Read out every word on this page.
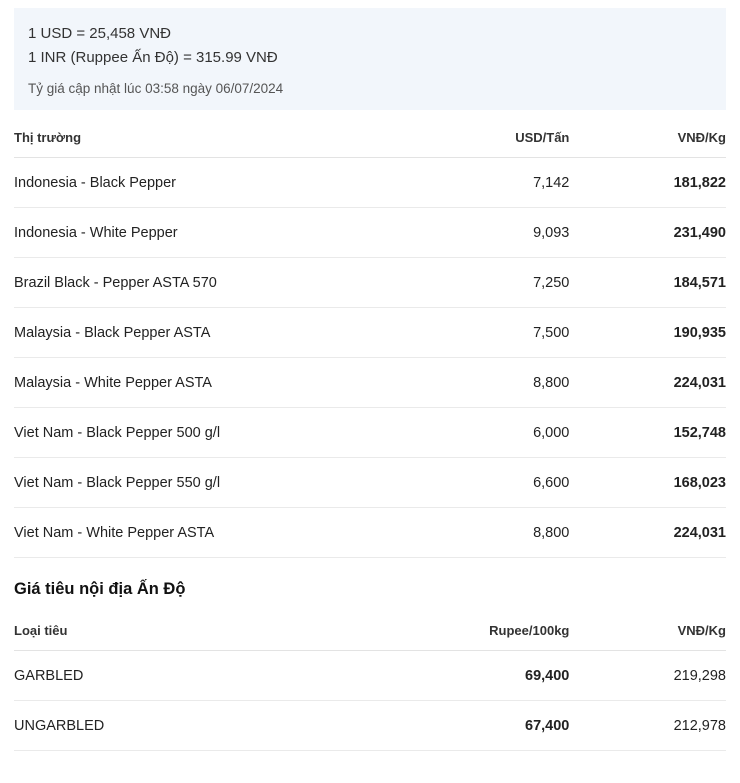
1 USD = 25,458 VNĐ
1 INR (Ruppee Ấn Độ) = 315.99 VNĐ
Tỷ giá cập nhật lúc 03:58 ngày 06/07/2024
Thị trường	USD/Tấn	VNĐ/Kg
Indonesia - Black Pepper	7,142	181,822
Indonesia - White Pepper	9,093	231,490
Brazil Black - Pepper ASTA 570	7,250	184,571
Malaysia - Black Pepper ASTA	7,500	190,935
Malaysia - White Pepper ASTA	8,800	224,031
Viet Nam - Black Pepper 500 g/l	6,000	152,748
Viet Nam - Black Pepper 550 g/l	6,600	168,023
Viet Nam - White Pepper ASTA	8,800	224,031
Giá tiêu nội địa Ấn Độ
Loại tiêu	Rupee/100kg	VNĐ/Kg
GARBLED	69,400	219,298
UNGARBLED	67,400	212,978
